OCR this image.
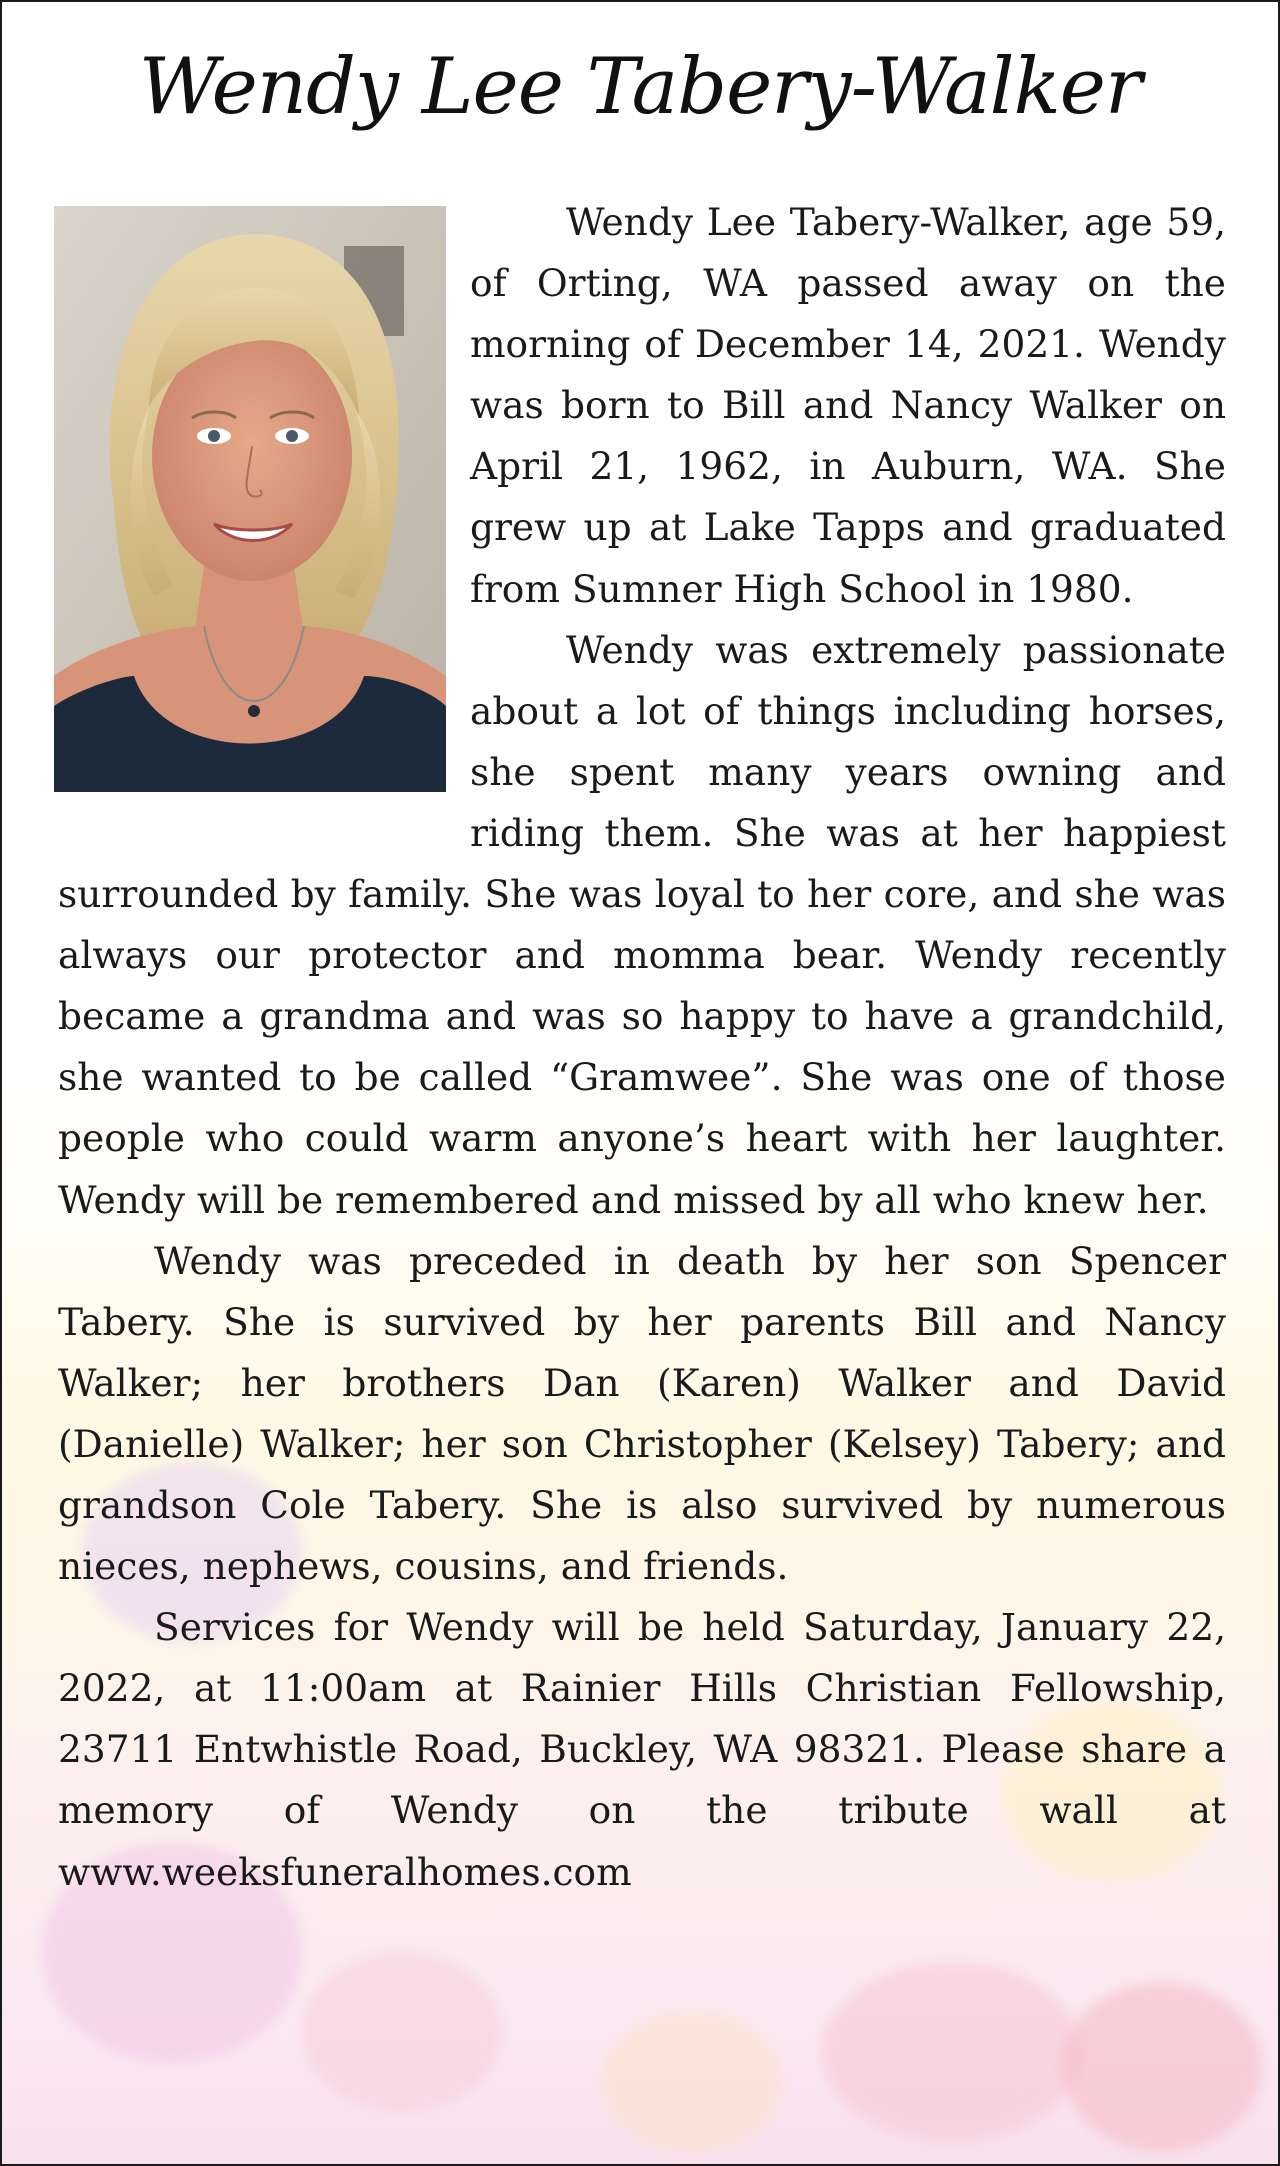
Wendy Lee Tabery-Walker

Wendy Lee Tabery-Walker, age 59, of Orting, WA passed away on the morning of December 14, 2021. Wendy was born to Bill and Nancy Walker on April 21, 1962, in Auburn, WA. She grew up at Lake Tapps and graduated from Sumner High School in 1980.

Wendy was extremely passionate about a lot of things including horses, she spent many years owning and riding them. She was at her happiest surrounded by family. She was loyal to her core, and she was always our protector and momma bear. Wendy recently became a grandma and was so happy to have a grandchild, she wanted to be called “Gramwee”. She was one of those people who could warm anyone’s heart with her laughter. Wendy will be remembered and missed by all who knew her.

Wendy was preceded in death by her son Spencer Tabery. She is survived by her parents Bill and Nancy Walker; her brothers Dan (Karen) Walker and David (Danielle) Walker; her son Christopher (Kelsey) Tabery; and grandson Cole Tabery. She is also survived by numerous nieces, nephews, cousins, and friends.

Services for Wendy will be held Saturday, January 22, 2022, at 11:00am at Rainier Hills Christian Fellowship, 23711 Entwhistle Road, Buckley, WA 98321. Please share a memory of Wendy on the tribute wall at www.weeksfuneralhomes.com
